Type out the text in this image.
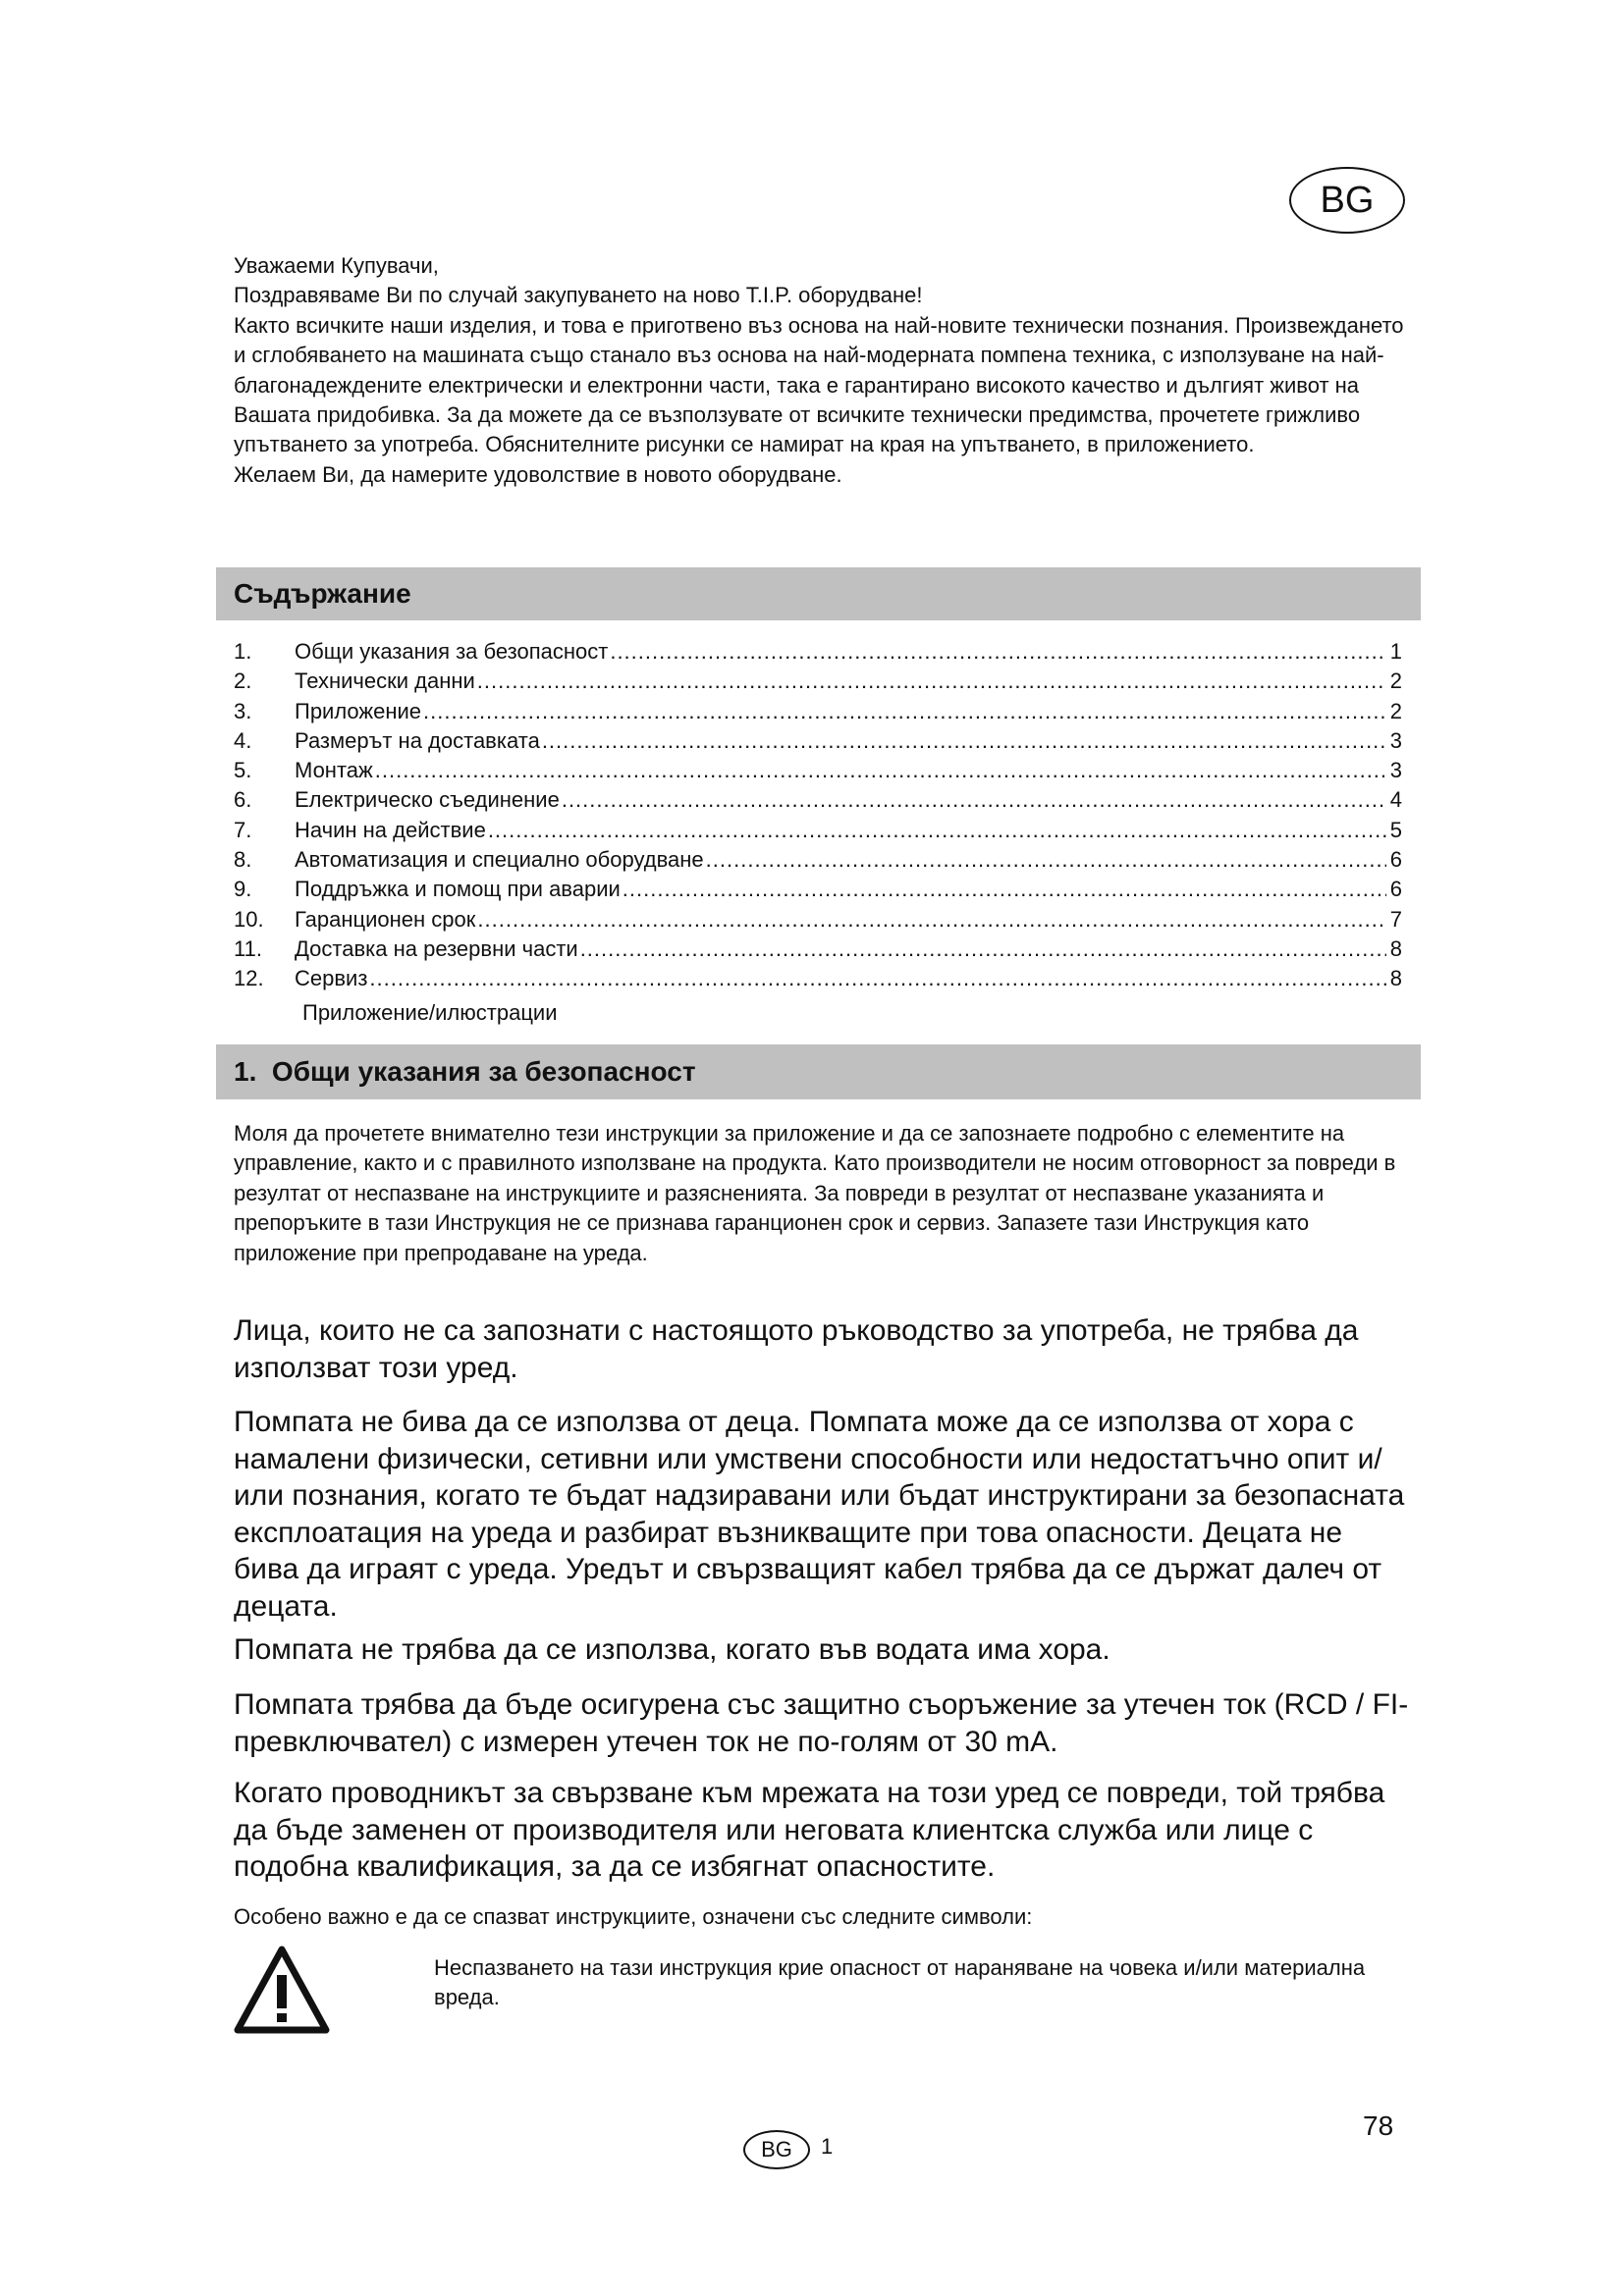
BG

Уважаеми Купувачи,

Поздравяваме Ви по случай закупуването на ново T.I.P. оборудване!

Както всичките наши изделия, и това е приготвено въз основа на най-новите технически познания. Произвеждането и сглобяването на машината също станало въз основа на най-модерната помпена техника, с използуване на най-благонадеждените електрически и електронни части, така е гарантирано високото качество и дългият живот на Вашата придобивка. За да можете да се възползувате от всичките технически предимства, прочетете грижливо упътването за употреба. Обяснителните рисунки се намират на края на упътването, в приложението.

Желаем Ви, да намерите удоволствие в новото оборудване.

Съдържание
1.	Общи указания за безопасност .....	1
2.	Технически данни .....	2
3.	Приложение .....	2
4.	Размерът на доставката .....	3
5.	Монтаж .....	3
6.	Електрическо съединение .....	4
7.	Начин на действие .....	5
8.	Автоматизация и специално оборудване .....	6
9.	Поддръжка и помощ при аварии .....	6
10.	Гаранционен срок .....	7
11.	Доставка на резервни части .....	8
12.	Сервиз .....	8
Приложение/илюстрации
1.  Общи указания за безопасност

Моля да прочетете внимателно тези инструкции за приложение и да се запознаете подробно с елементите на управление, както и с правилното използване на продукта. Като производители не носим отговорност за повреди в резултат от неспазване на инструкциите и разясненията. За повреди в резултат от неспазване указанията и препоръките в тази Инструкция не се признава гаранционен срок и сервиз. Запазете тази Инструкция като приложение при препродаване на уреда.

Лица, които не са запознати с настоящото ръководство за употреба, не трябва да използват този уред.

Помпата не бива да се използва от деца. Помпата може да се използва от хора с намалени физически, сетивни или умствени способности или недостатъчно опит и/или познания, когато те бъдат надзиравани или бъдат инструктирани за безопасната експлоатация на уреда и разбират възникващите при това опасности. Децата не бива да играят с уреда. Уредът и свързващият кабел трябва да се държат далеч от децата.

Помпата не трябва да се използва, когато във водата има хора.

Помпата трябва да бъде осигурена със защитно съоръжение за утечен ток (RCD / FI-превключвател) с измерен утечен ток не по-голям от 30 mA.

Когато проводникът за свързване към мрежата на този уред се повреди, той трябва да бъде заменен от производителя или неговата клиентска служба или лице с подобна квалификация, за да се избягнат опасностите.

Особено важно е да се спазват инструкциите, означени със следните символи:

Неспазването на тази инструкция крие опасност от нараняване на човека и/или материална вреда.

78
BG 1
